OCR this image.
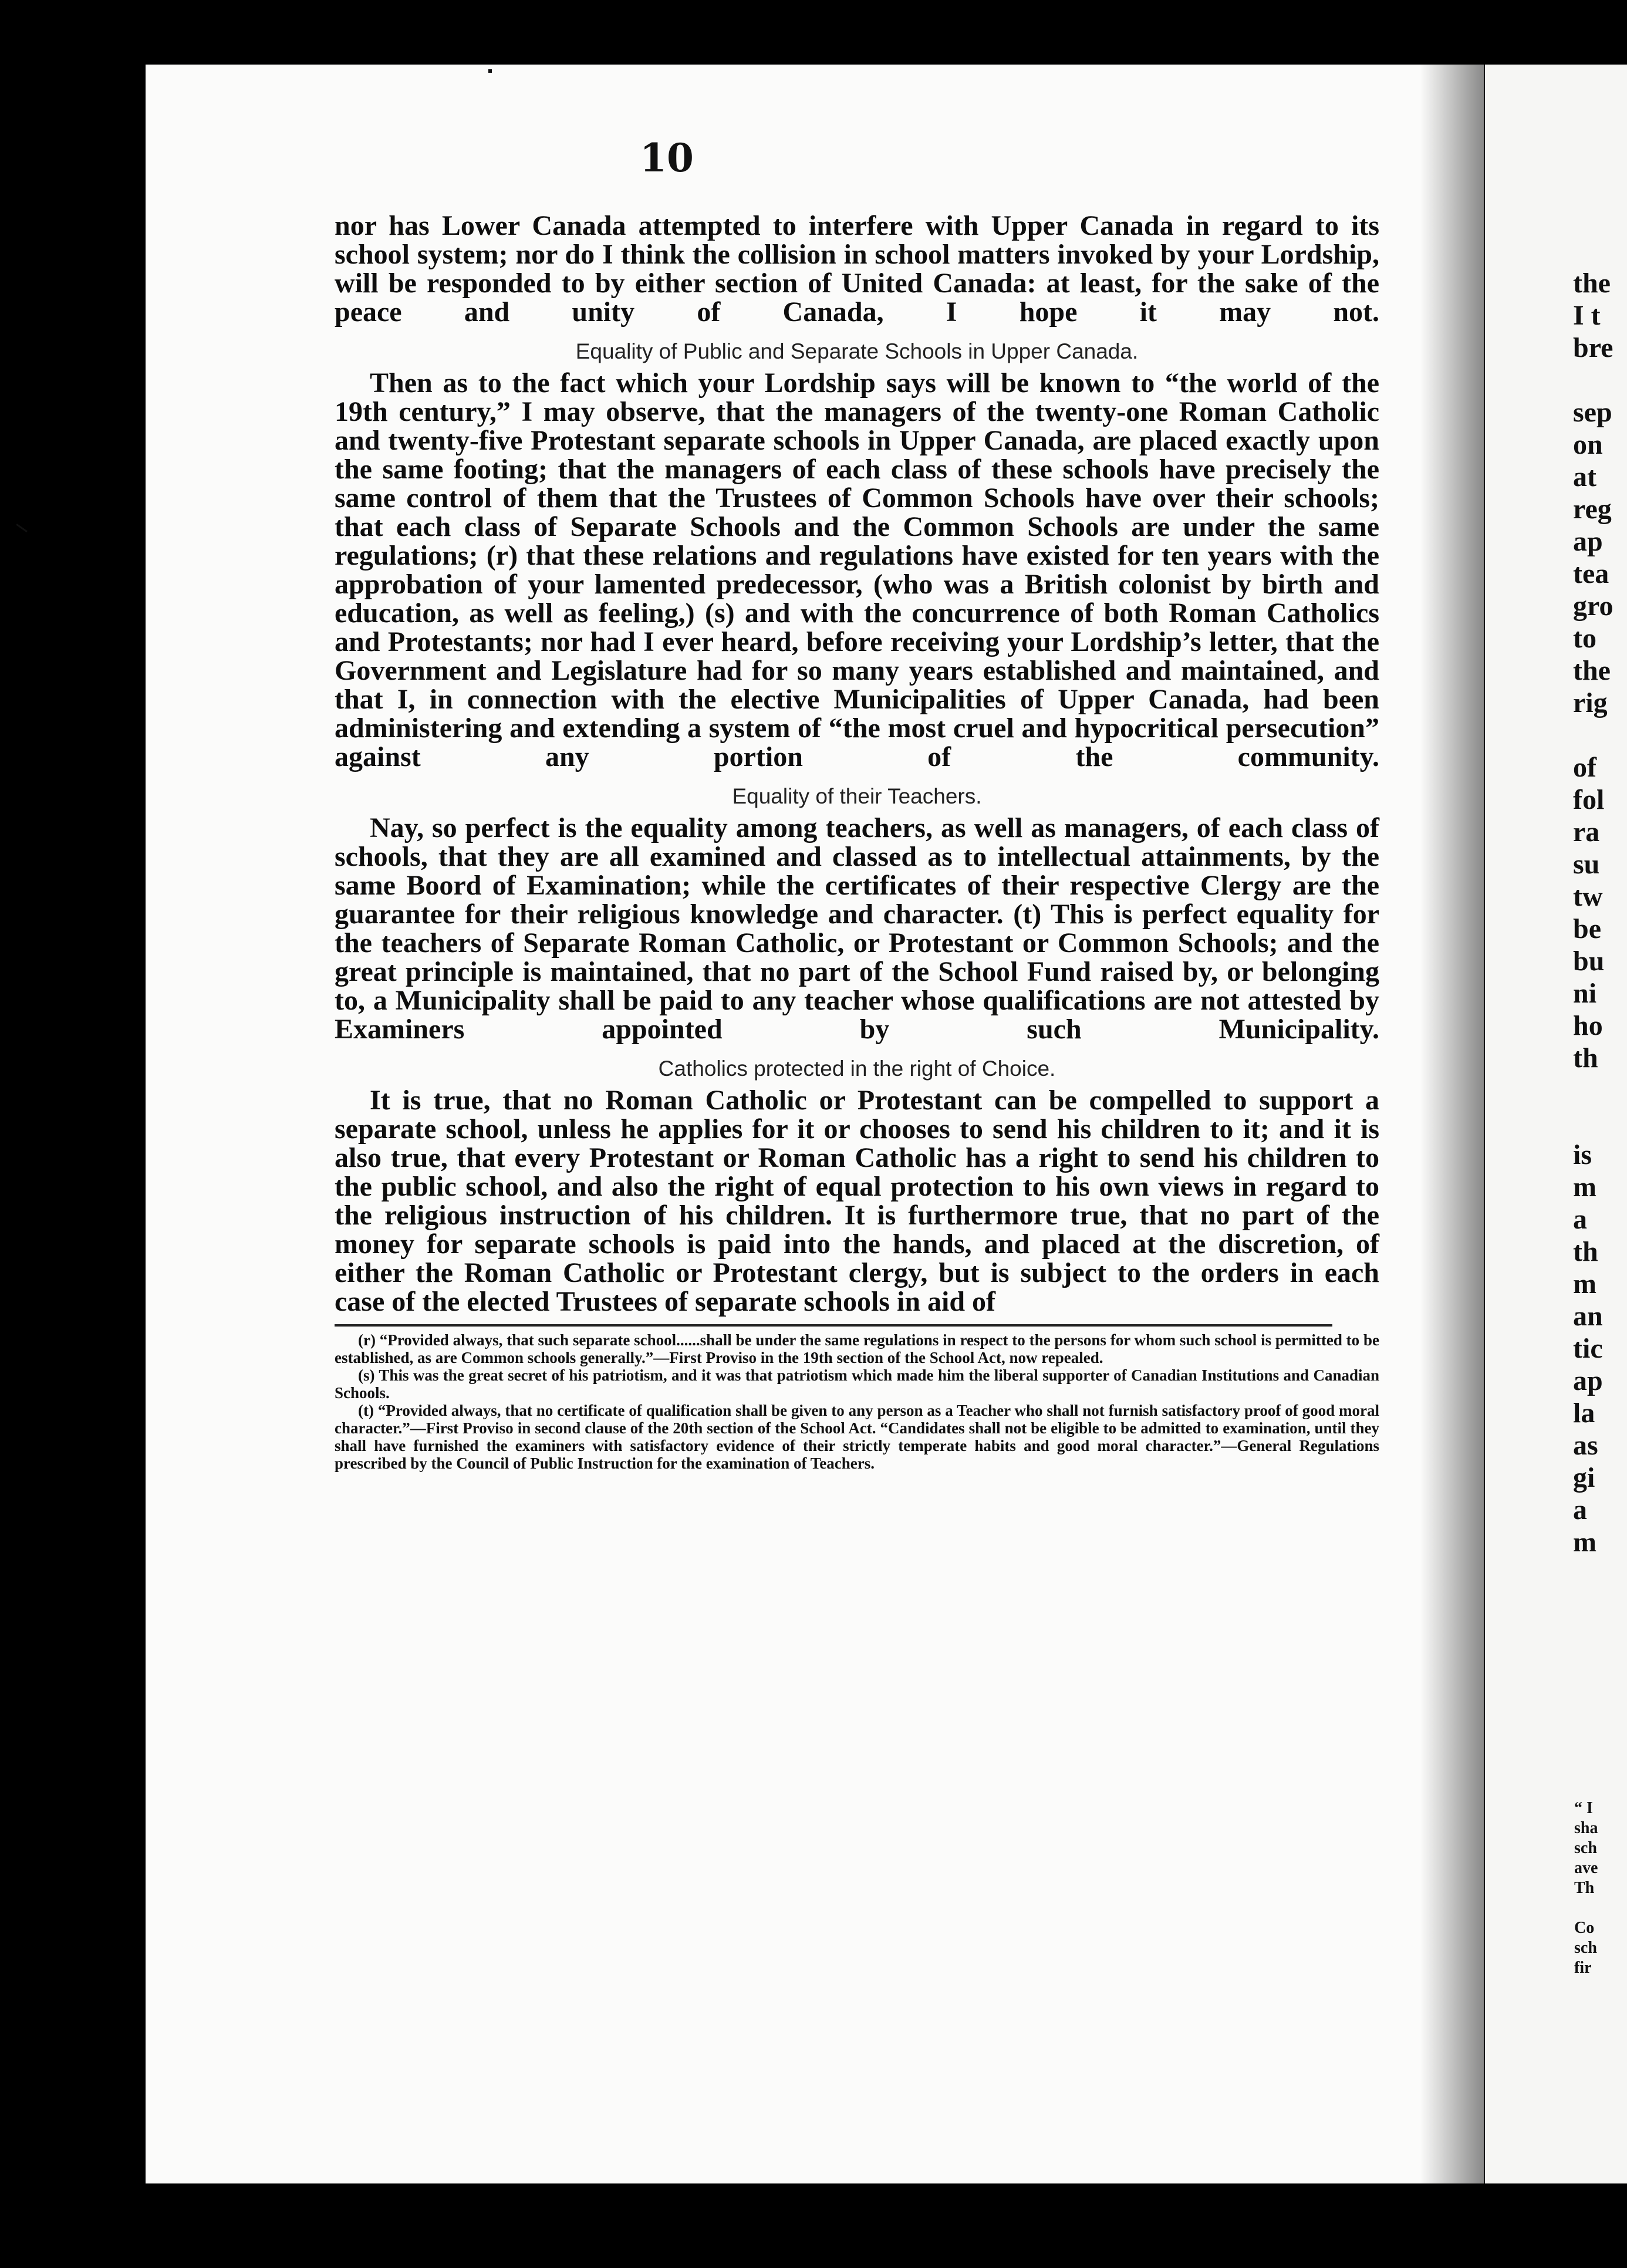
the
I t
bre
sep
on
at
reg
ap
tea
gro
to
the
rig
of
fol
ra
su
tw
be
bu
ni
ho
th
is
m
a
th
m
an
tic
ap
la
as
gi
a
m
“ I
sha
sch
ave
Th
Co
sch
fir
10

nor has Lower Canada attempted to interfere with Upper Canada in regard to its school system; nor do I think the collision in school matters invoked by your Lordship, will be responded to by either section of United Canada: at least, for the sake of the peace and unity of Canada, I hope it may not.

Equality of Public and Separate Schools in Upper Canada.

Then as to the fact which your Lordship says will be known to “the world of the 19th century,” I may observe, that the managers of the twenty-one Roman Catholic and twenty-five Protestant separate schools in Upper Canada, are placed exactly upon the same footing; that the managers of each class of these schools have precisely the same control of them that the Trustees of Common Schools have over their schools; that each class of Separate Schools and the Common Schools are under the same regulations; (r) that these relations and regulations have existed for ten years with the approbation of your lamented predecessor, (who was a British colonist by birth and education, as well as feeling,) (s) and with the concurrence of both Roman Catholics and Protestants; nor had I ever heard, before receiving your Lordship’s letter, that the Government and Legislature had for so many years established and maintained, and that I, in connection with the elective Municipalities of Upper Canada, had been administering and extending a system of “the most cruel and hypocritical persecution” against any portion of the community.

Equality of their Teachers.

Nay, so perfect is the equality among teachers, as well as managers, of each class of schools, that they are all examined and classed as to intellectual attainments, by the same Boord of Examination; while the certificates of their respective Clergy are the guarantee for their religious knowledge and character. (t) This is perfect equality for the teachers of Separate Roman Catholic, or Protestant or Common Schools; and the great principle is maintained, that no part of the School Fund raised by, or belonging to, a Municipality shall be paid to any teacher whose qualifications are not attested by Examiners appointed by such Municipality.

Catholics protected in the right of Choice.

It is true, that no Roman Catholic or Protestant can be compelled to support a separate school, unless he applies for it or chooses to send his children to it; and it is also true, that every Protestant or Roman Catholic has a right to send his children to the public school, and also the right of equal protection to his own views in regard to the religious instruction of his children. It is furthermore true, that no part of the money for separate schools is paid into the hands, and placed at the discretion, of either the Roman Catholic or Protestant clergy, but is subject to the orders in each case of the elected Trustees of separate schools in aid of

(r) “Provided always, that such separate school......shall be under the same regulations in respect to the persons for whom such school is permitted to be established, as are Common schools generally.”—First Proviso in the 19th section of the School Act, now repealed.

(s) This was the great secret of his patriotism, and it was that patriotism which made him the liberal supporter of Canadian Institutions and Canadian Schools.

(t) “Provided always, that no certificate of qualification shall be given to any person as a Teacher who shall not furnish satisfactory proof of good moral character.”—First Proviso in second clause of the 20th section of the School Act. “Candidates shall not be eligible to be admitted to examination, until they shall have furnished the examiners with satisfactory evidence of their strictly temperate habits and good moral character.”—General Regulations prescribed by the Council of Public Instruction for the examination of Teachers.
